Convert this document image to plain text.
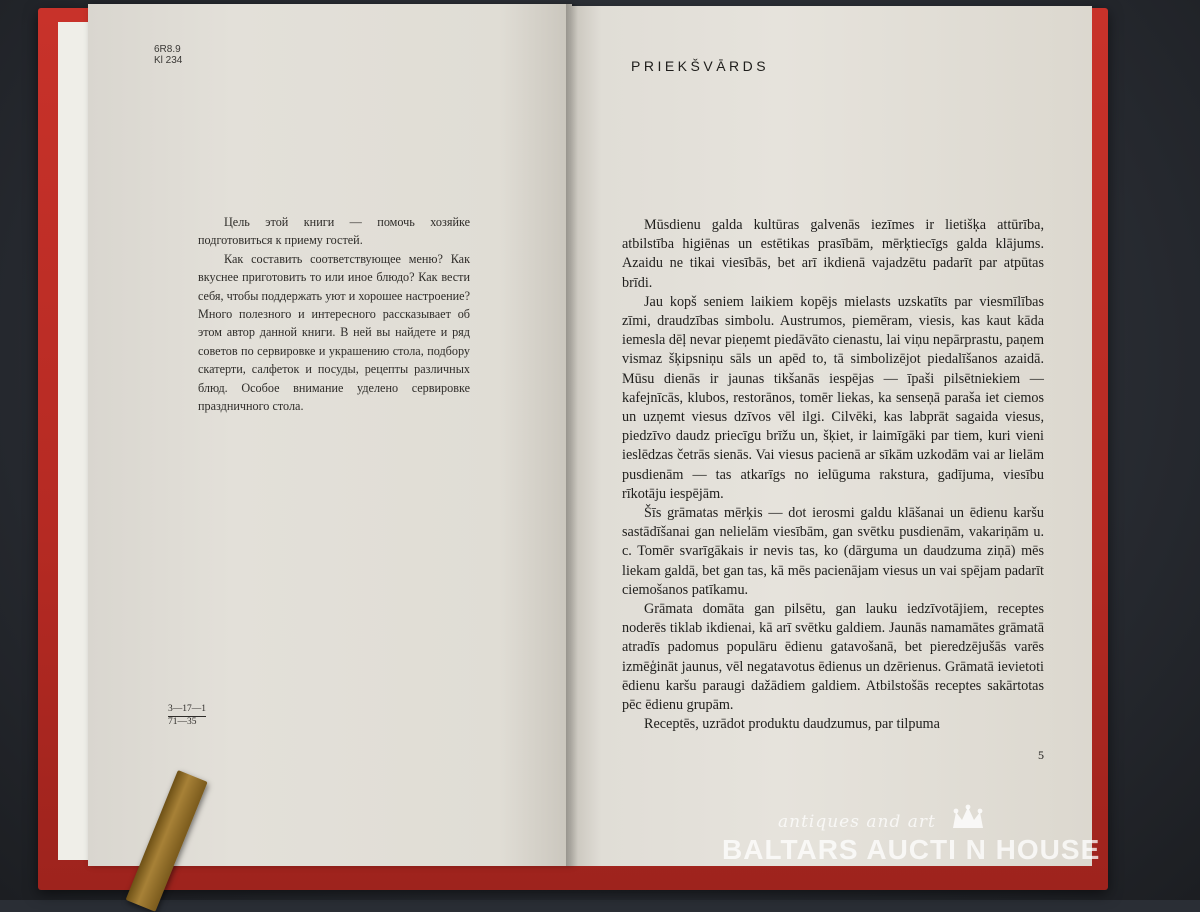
6R8.9
Kl 234

Цель этой книги — помочь хозяйке подготовиться к приему гостей.

Как составить соответствующее меню? Как вкуснее приготовить то или иное блюдо? Как вести себя, чтобы поддержать уют и хорошее настроение? Много полезного и интересного рассказывает об этом автор данной книги. В ней вы найдете и ряд советов по сервировке и украшению стола, подбору скатерти, салфеток и посуды, рецепты различных блюд. Особое внимание уделено сервировке праздничного стола.

3—17—1
71—35
PRIEKŠVĀRDS

Mūsdienu galda kultūras galvenās iezīmes ir lietišķa attūrība, atbilstība higiēnas un estētikas prasībām, mērķtiecīgs galda klājums. Azaidu ne tikai viesībās, bet arī ikdienā vajadzētu padarīt par atpūtas brīdi.

Jau kopš seniem laikiem kopējs mielasts uzskatīts par viesmīlības zīmi, draudzības simbolu. Austrumos, piemēram, viesis, kas kaut kāda iemesla dēļ nevar pieņemt piedāvāto cienastu, lai viņu nepārprastu, paņem vismaz šķipsniņu sāls un apēd to, tā simbolizējot piedalīšanos azaidā. Mūsu dienās ir jaunas tikšanās iespējas — īpaši pilsētniekiem — kafejnīcās, klubos, restorānos, tomēr liekas, ka senseņā paraša iet ciemos un uzņemt viesus dzīvos vēl ilgi. Cilvēki, kas labprāt sagaida viesus, piedzīvo daudz priecīgu brīžu un, šķiet, ir laimīgāki par tiem, kuri vieni ieslēdzas četrās sienās. Vai viesus pacienā ar sīkām uzkodām vai ar lielām pusdienām — tas atkarīgs no ielūguma rakstura, gadījuma, viesību rīkotāju iespējām.

Šīs grāmatas mērķis — dot ierosmi galdu klāšanai un ēdienu karšu sastādīšanai gan nelielām viesībām, gan svētku pusdienām, vakariņām u. c. Tomēr svarīgākais ir nevis tas, ko (dārguma un daudzuma ziņā) mēs liekam galdā, bet gan tas, kā mēs pacienājam viesus un vai spējam padarīt ciemošanos patīkamu.

Grāmata domāta gan pilsētu, gan lauku iedzīvotājiem, receptes noderēs tiklab ikdienai, kā arī svētku galdiem. Jaunās namamātes grāmatā atradīs padomus populāru ēdienu gatavošanā, bet pieredzējušās varēs izmēģināt jaunus, vēl negatavotus ēdienus un dzērienus. Grāmatā ievietoti ēdienu karšu paraugi dažādiem galdiem. Atbilstošās receptes sakārtotas pēc ēdienu grupām.

Receptēs, uzrādot produktu daudzumus, par tilpuma

5
antiques and art
BALTARS AUCTI N HOUSE
